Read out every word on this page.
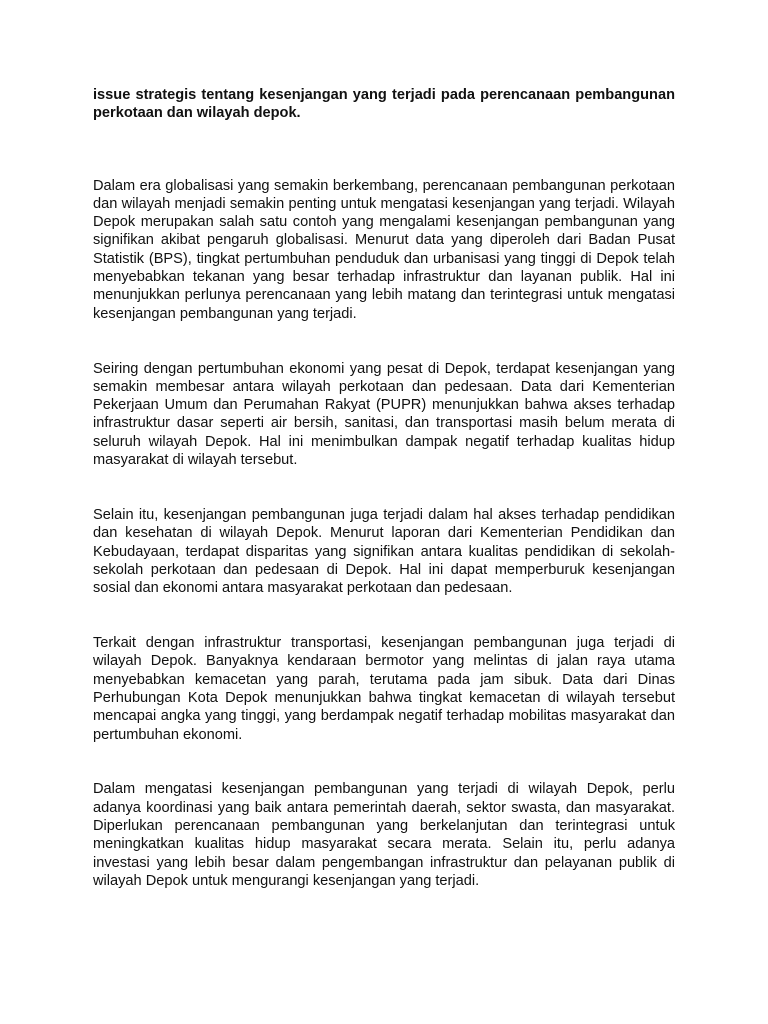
issue strategis tentang kesenjangan yang terjadi pada perencanaan pembangunan perkotaan dan wilayah depok.

Dalam era globalisasi yang semakin berkembang, perencanaan pembangunan perkotaan dan wilayah menjadi semakin penting untuk mengatasi kesenjangan yang terjadi. Wilayah Depok merupakan salah satu contoh yang mengalami kesenjangan pembangunan yang signifikan akibat pengaruh globalisasi. Menurut data yang diperoleh dari Badan Pusat Statistik (BPS), tingkat pertumbuhan penduduk dan urbanisasi yang tinggi di Depok telah menyebabkan tekanan yang besar terhadap infrastruktur dan layanan publik. Hal ini menunjukkan perlunya perencanaan yang lebih matang dan terintegrasi untuk mengatasi kesenjangan pembangunan yang terjadi.

Seiring dengan pertumbuhan ekonomi yang pesat di Depok, terdapat kesenjangan yang semakin membesar antara wilayah perkotaan dan pedesaan. Data dari Kementerian Pekerjaan Umum dan Perumahan Rakyat (PUPR) menunjukkan bahwa akses terhadap infrastruktur dasar seperti air bersih, sanitasi, dan transportasi masih belum merata di seluruh wilayah Depok. Hal ini menimbulkan dampak negatif terhadap kualitas hidup masyarakat di wilayah tersebut.

Selain itu, kesenjangan pembangunan juga terjadi dalam hal akses terhadap pendidikan dan kesehatan di wilayah Depok. Menurut laporan dari Kementerian Pendidikan dan Kebudayaan, terdapat disparitas yang signifikan antara kualitas pendidikan di sekolah-sekolah perkotaan dan pedesaan di Depok. Hal ini dapat memperburuk kesenjangan sosial dan ekonomi antara masyarakat perkotaan dan pedesaan.

Terkait dengan infrastruktur transportasi, kesenjangan pembangunan juga terjadi di wilayah Depok. Banyaknya kendaraan bermotor yang melintas di jalan raya utama menyebabkan kemacetan yang parah, terutama pada jam sibuk. Data dari Dinas Perhubungan Kota Depok menunjukkan bahwa tingkat kemacetan di wilayah tersebut mencapai angka yang tinggi, yang berdampak negatif terhadap mobilitas masyarakat dan pertumbuhan ekonomi.

Dalam mengatasi kesenjangan pembangunan yang terjadi di wilayah Depok, perlu adanya koordinasi yang baik antara pemerintah daerah, sektor swasta, dan masyarakat. Diperlukan perencanaan pembangunan yang berkelanjutan dan terintegrasi untuk meningkatkan kualitas hidup masyarakat secara merata. Selain itu, perlu adanya investasi yang lebih besar dalam pengembangan infrastruktur dan pelayanan publik di wilayah Depok untuk mengurangi kesenjangan yang terjadi.
